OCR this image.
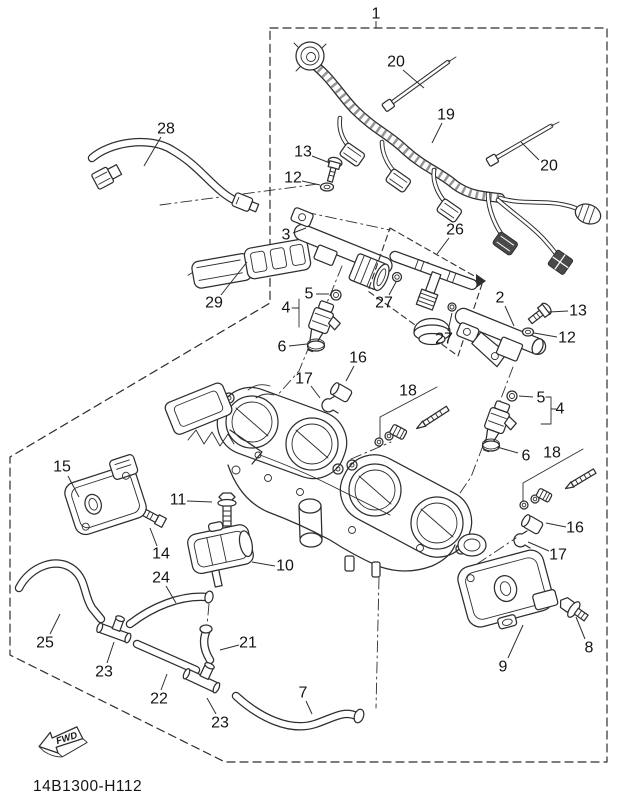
FWD
14B1300-H112
1
20
19
20
28
13
12
3
29
26
27
27
2
13
12
5
4
6
16
17
18	5
4
6 18
16
17
15
11
14
10
24
25
23
22
21
23
7
9
8
